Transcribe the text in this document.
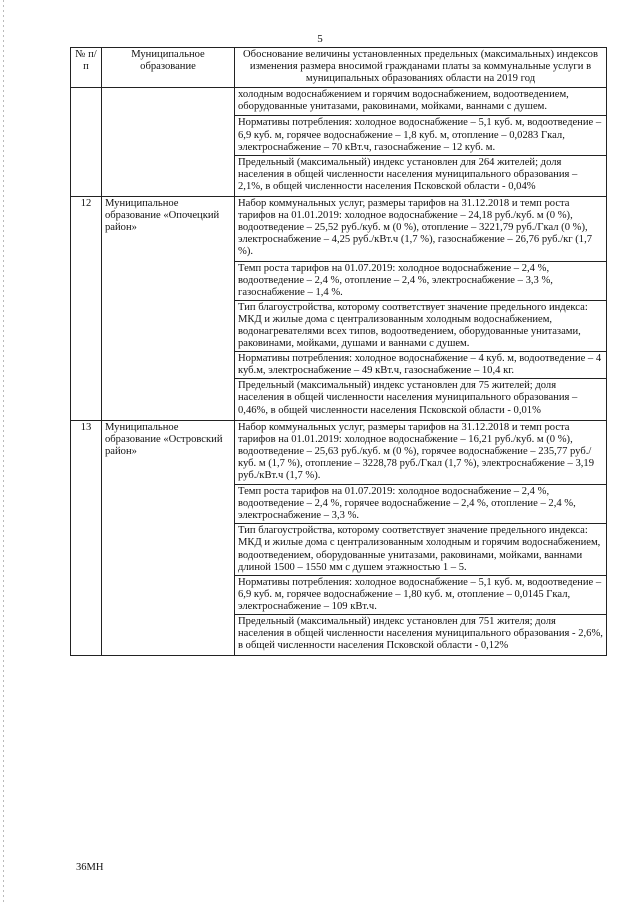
5
№ п/п	Муниципальное образование	Обоснование величины установленных предельных (максимальных) индексов изменения размера вносимой гражданами платы за коммунальные услуги в муниципальных образованиях области на 2019 год

		холодным водоснабжением и горячим водоснабжением, водоотведением, оборудованные унитазами, раковинами, мойками, ваннами с душем.
Нормативы потребления: холодное водоснабжение – 5,1 куб. м, водоотведение – 6,9 куб. м, горячее водоснабжение – 1,8 куб. м, отопление – 0,0283 Гкал, электроснабжение – 70 кВт.ч, газоснабжение – 12 куб. м.
Предельный (максимальный) индекс установлен для 264 жителей; доля населения в общей численности населения муниципального образования – 2,1%, в общей численности населения Псковской области - 0,04%

12	Муниципальное образование «Опочецкий район»	Набор коммунальных услуг, размеры тарифов на 31.12.2018 и темп роста тарифов на 01.01.2019: холодное водоснабжение – 24,18 руб./куб. м (0 %), водоотведение – 25,52 руб./куб. м (0 %), отопление – 3221,79 руб./Гкал (0 %), электроснабжение – 4,25 руб./кВт.ч (1,7 %), газоснабжение – 26,76 руб./кг (1,7 %).
Темп роста тарифов на 01.07.2019: холодное водоснабжение – 2,4 %, водоотведение – 2,4 %, отопление – 2,4 %, электроснабжение – 3,3 %, газоснабжение – 1,4 %.
Тип благоустройства, которому соответствует значение предельного индекса: МКД и жилые дома с централизованным холодным водоснабжением, водонагревателями всех типов, водоотведением, оборудованные унитазами, раковинами, мойками, душами и ваннами с душем.
Нормативы потребления: холодное водоснабжение – 4 куб. м, водоотведение – 4 куб.м, электроснабжение – 49 кВт.ч, газоснабжение – 10,4 кг.
Предельный (максимальный) индекс установлен для 75 жителей; доля населения в общей численности населения муниципального образования – 0,46%, в общей численности населения Псковской области - 0,01%

13	Муниципальное образование «Островский район»	Набор коммунальных услуг, размеры тарифов на 31.12.2018 и темп роста тарифов на 01.01.2019: холодное водоснабжение – 16,21 руб./куб. м (0 %), водоотведение – 25,63 руб./куб. м (0 %), горячее водоснабжение – 235,77 руб./куб. м (1,7 %), отопление – 3228,78 руб./Гкал (1,7 %), электроснабжение – 3,19 руб./кВт.ч (1,7 %).
Темп роста тарифов на 01.07.2019: холодное водоснабжение – 2,4 %, водоотведение – 2,4 %, горячее водоснабжение – 2,4 %, отопление – 2,4 %, электроснабжение – 3,3 %.
Тип благоустройства, которому соответствует значение предельного индекса: МКД и жилые дома с централизованным холодным и горячим водоснабжением, водоотведением, оборудованные унитазами, раковинами, мойками, ваннами длиной 1500 – 1550 мм с душем этажностью 1 – 5.
Нормативы потребления: холодное водоснабжение – 5,1 куб. м, водоотведение – 6,9 куб. м, горячее водоснабжение – 1,80 куб. м, отопление – 0,0145 Гкал, электроснабжение – 109 кВт.ч.
Предельный (максимальный) индекс установлен для 751 жителя; доля населения в общей численности населения муниципального образования - 2,6%, в общей численности населения Псковской области - 0,12%
36МН
